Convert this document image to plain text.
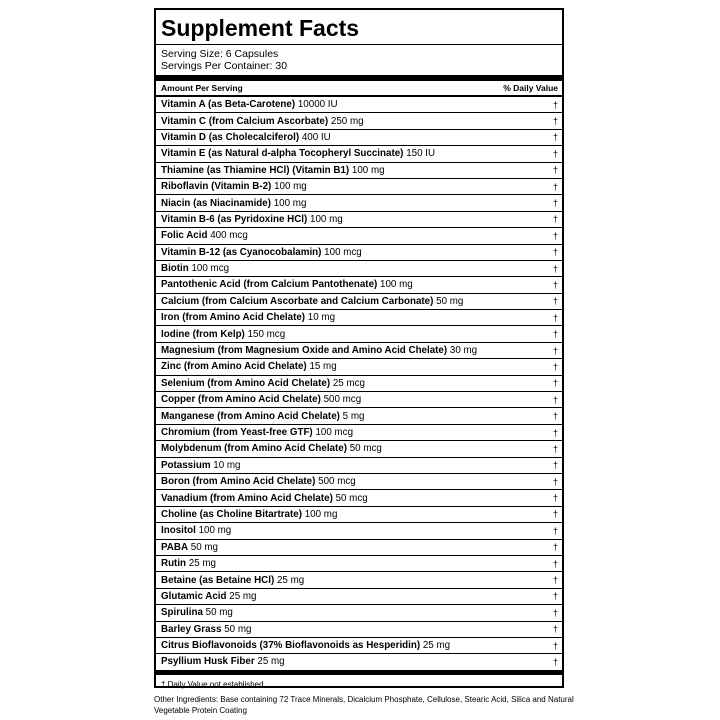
Supplement Facts
Serving Size: 6 Capsules
Servings Per Container: 30
Amount Per Serving	% Daily Value
Vitamin A (as Beta-Carotene) 10000 IU	†
Vitamin C (from Calcium Ascorbate) 250 mg	†
Vitamin D (as Cholecalciferol) 400 IU	†
Vitamin E (as Natural d-alpha Tocopheryl Succinate) 150 IU	†
Thiamine (as Thiamine HCl) (Vitamin B1) 100 mg	†
Riboflavin (Vitamin B-2) 100 mg	†
Niacin (as Niacinamide) 100 mg	†
Vitamin B-6 (as Pyridoxine HCl) 100 mg	†
Folic Acid 400 mcg	†
Vitamin B-12 (as Cyanocobalamin) 100 mcg	†
Biotin 100 mcg	†
Pantothenic Acid (from Calcium Pantothenate) 100 mg	†
Calcium (from Calcium Ascorbate and Calcium Carbonate) 50 mg	†
Iron (from Amino Acid Chelate) 10 mg	†
Iodine (from Kelp) 150 mcg	†
Magnesium (from Magnesium Oxide and Amino Acid Chelate) 30 mg	†
Zinc (from Amino Acid Chelate) 15 mg	†
Selenium (from Amino Acid Chelate) 25 mcg	†
Copper (from Amino Acid Chelate) 500 mcg	†
Manganese (from Amino Acid Chelate) 5 mg	†
Chromium (from Yeast-free GTF) 100 mcg	†
Molybdenum (from Amino Acid Chelate) 50 mcg	†
Potassium 10 mg	†
Boron (from Amino Acid Chelate) 500 mcg	†
Vanadium (from Amino Acid Chelate) 50 mcg	†
Choline (as Choline Bitartrate) 100 mg	†
Inositol 100 mg	†
PABA 50 mg	†
Rutin 25 mg	†
Betaine (as Betaine HCl) 25 mg	†
Glutamic Acid 25 mg	†
Spirulina 50 mg	†
Barley Grass 50 mg	†
Citrus Bioflavonoids (37% Bioflavonoids as Hesperidin) 25 mg	†
Psyllium Husk Fiber 25 mg	†
† Daily Value not established.
Other Ingredients: Base containing 72 Trace Minerals, Dicalcium Phosphate, Cellulose, Stearic Acid, Silica and Natural Vegetable Protein Coating
